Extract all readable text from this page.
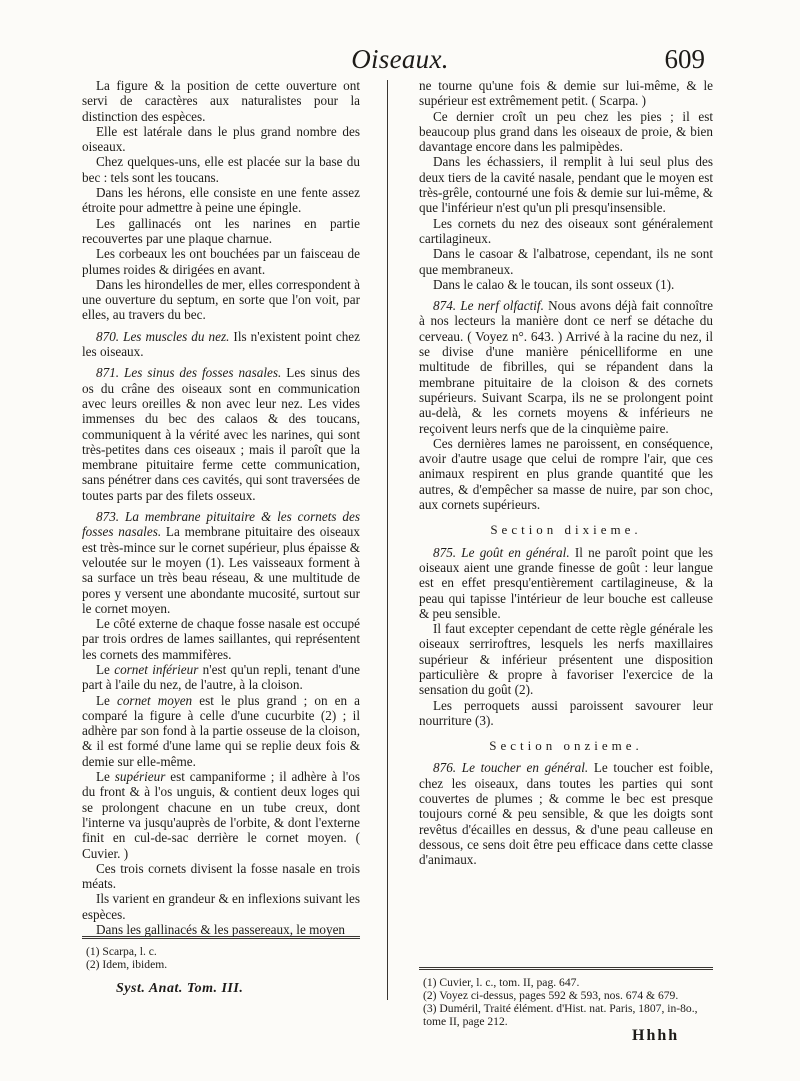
Oiseaux.	609

La figure & la position de cette ouverture ont servi de caractères aux naturalistes pour la distinction des espèces.

Elle est latérale dans le plus grand nombre des oiseaux.

Chez quelques-uns, elle est placée sur la base du bec : tels sont les toucans.

Dans les hérons, elle consiste en une fente assez étroite pour admettre à peine une épingle.

Les gallinacés ont les narines en partie recouvertes par une plaque charnue.

Les corbeaux les ont bouchées par un faisceau de plumes roides & dirigées en avant.

Dans les hirondelles de mer, elles correspondent à une ouverture du septum, en sorte que l'on voit, par elles, au travers du bec.

870. Les muscles du nez. Ils n'existent point chez les oiseaux.

871. Les sinus des fosses nasales. Les sinus des os du crâne des oiseaux sont en communication avec leurs oreilles & non avec leur nez. Les vides immenses du bec des calaos & des toucans, communiquent à la vérité avec les narines, qui sont très-petites dans ces oiseaux ; mais il paroît que la membrane pituitaire ferme cette communication, sans pénétrer dans ces cavités, qui sont traversées de toutes parts par des filets osseux.

873. La membrane pituitaire & les cornets des fosses nasales. La membrane pituitaire des oiseaux est très-mince sur le cornet supérieur, plus épaisse & veloutée sur le moyen (1). Les vaisseaux forment à sa surface un très beau réseau, & une multitude de pores y versent une abondante mucosité, surtout sur le cornet moyen.

Le côté externe de chaque fosse nasale est occupé par trois ordres de lames saillantes, qui représentent les cornets des mammifères.

Le cornet inférieur n'est qu'un repli, tenant d'une part à l'aile du nez, de l'autre, à la cloison.

Le cornet moyen est le plus grand ; on en a comparé la figure à celle d'une cucurbite (2) ; il adhère par son fond à la partie osseuse de la cloison, & il est formé d'une lame qui se replie deux fois & demie sur elle-même.

Le supérieur est campaniforme ; il adhère à l'os du front & à l'os unguis, & contient deux loges qui se prolongent chacune en un tube creux, dont l'interne va jusqu'auprès de l'orbite, & dont l'externe finit en cul-de-sac derrière le cornet moyen. ( Cuvier. )

Ces trois cornets divisent la fosse nasale en trois méats.

Ils varient en grandeur & en inflexions suivant les espèces.

Dans les gallinacés & les passereaux, le moyen

(1) Scarpa, l. c.

(2) Idem, ibidem.

Syst. Anat. Tom. III.

ne tourne qu'une fois & demie sur lui-même, & le supérieur est extrêmement petit. ( Scarpa. )

Ce dernier croît un peu chez les pies ; il est beaucoup plus grand dans les oiseaux de proie, & bien davantage encore dans les palmipèdes.

Dans les échassiers, il remplit à lui seul plus des deux tiers de la cavité nasale, pendant que le moyen est très-grêle, contourné une fois & demie sur lui-même, & que l'inférieur n'est qu'un pli presqu'insensible.

Les cornets du nez des oiseaux sont généralement cartilagineux.

Dans le casoar & l'albatrose, cependant, ils ne sont que membraneux.

Dans le calao & le toucan, ils sont osseux (1).

874. Le nerf olfactif. Nous avons déjà fait connoître à nos lecteurs la manière dont ce nerf se détache du cerveau. ( Voyez n°. 643. ) Arrivé à la racine du nez, il se divise d'une manière pénicelliforme en une multitude de fibrilles, qui se répandent dans la membrane pituitaire de la cloison & des cornets supérieurs. Suivant Scarpa, ils ne se prolongent point au-delà, & les cornets moyens & inférieurs ne reçoivent leurs nerfs que de la cinquième paire.

Ces dernières lames ne paroissent, en conséquence, avoir d'autre usage que celui de rompre l'air, que ces animaux respirent en plus grande quantité que les autres, & d'empêcher sa masse de nuire, par son choc, aux cornets supérieurs.

Section dixieme.

875. Le goût en général. Il ne paroît point que les oiseaux aient une grande finesse de goût : leur langue est en effet presqu'entièrement cartilagineuse, & la peau qui tapisse l'intérieur de leur bouche est calleuse & peu sensible.

Il faut excepter cependant de cette règle générale les oiseaux serriroftres, lesquels les nerfs maxillaires supérieur & inférieur présentent une disposition particulière & propre à favoriser l'exercice de la sensation du goût (2).

Les perroquets aussi paroissent savourer leur nourriture (3).

Section onzieme.

876. Le toucher en général. Le toucher est foible, chez les oiseaux, dans toutes les parties qui sont couvertes de plumes ; & comme le bec est presque toujours corné & peu sensible, & que les doigts sont revêtus d'écailles en dessus, & d'une peau calleuse en dessous, ce sens doit être peu efficace dans cette classe d'animaux.

(1) Cuvier, l. c., tom. II, pag. 647.

(2) Voyez ci-dessus, pages 592 & 593, nos. 674 & 679.

(3) Duméril, Traité élément. d'Hist. nat. Paris, 1807, in-8o., tome II, page 212.

Hhhh
